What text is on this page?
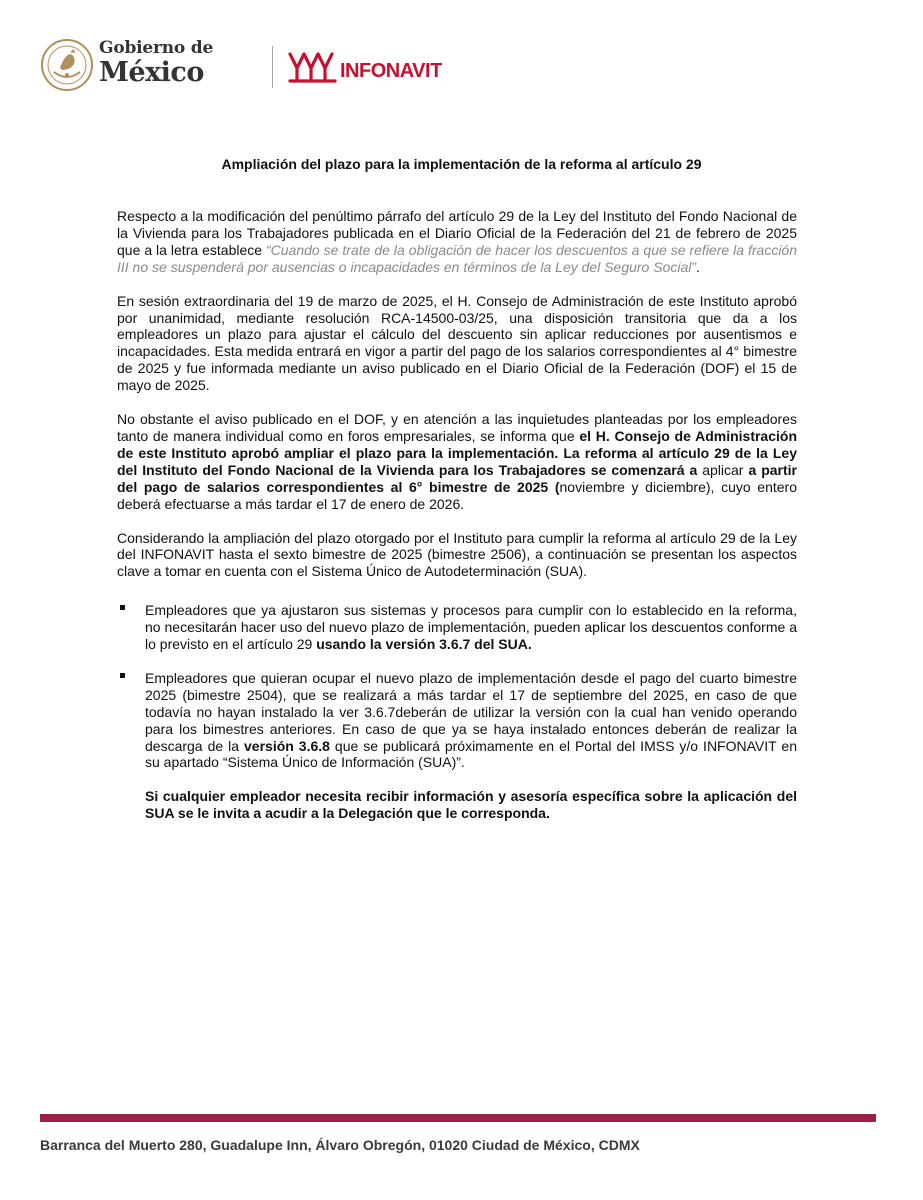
Gobierno de
México	INFONAVIT
Ampliación del plazo para la implementación de la reforma al artículo 29

Respecto a la modificación del penúltimo párrafo del artículo 29 de la Ley del Instituto del Fondo Nacional de la Vivienda para los Trabajadores publicada en el Diario Oficial de la Federación del 21 de febrero de 2025 que a la letra establece “Cuando se trate de la obligación de hacer los descuentos a que se refiere la fracción III no se suspenderá por ausencias o incapacidades en términos de la Ley del Seguro Social”.

En sesión extraordinaria del 19 de marzo de 2025, el H. Consejo de Administración de este Instituto aprobó por unanimidad, mediante resolución RCA-14500-03/25, una disposición transitoria que da a los empleadores un plazo para ajustar el cálculo del descuento sin aplicar reducciones por ausentismos e incapacidades. Esta medida entrará en vigor a partir del pago de los salarios correspondientes al 4° bimestre de 2025 y fue informada mediante un aviso publicado en el Diario Oficial de la Federación (DOF) el 15 de mayo de 2025.

No obstante el aviso publicado en el DOF, y en atención a las inquietudes planteadas por los empleadores tanto de manera individual como en foros empresariales, se informa que el H. Consejo de Administración de este Instituto aprobó ampliar el plazo para la implementación. La reforma al artículo 29 de la Ley del Instituto del Fondo Nacional de la Vivienda para los Trabajadores se comenzará a aplicar a partir del pago de salarios correspondientes al 6° bimestre de 2025 (noviembre y diciembre), cuyo entero deberá efectuarse a más tardar el 17 de enero de 2026.

Considerando la ampliación del plazo otorgado por el Instituto para cumplir la reforma al artículo 29 de la Ley del INFONAVIT hasta el sexto bimestre de 2025 (bimestre 2506), a continuación se presentan los aspectos clave a tomar en cuenta con el Sistema Único de Autodeterminación (SUA).

Empleadores que ya ajustaron sus sistemas y procesos para cumplir con lo establecido en la reforma, no necesitarán hacer uso del nuevo plazo de implementación, pueden aplicar los descuentos conforme a lo previsto en el artículo 29 usando la versión 3.6.7 del SUA.
Empleadores que quieran ocupar el nuevo plazo de implementación desde el pago del cuarto bimestre 2025 (bimestre 2504), que se realizará a más tardar el 17 de septiembre del 2025, en caso de que todavía no hayan instalado la ver 3.6.7deberán de utilizar la versión con la cual han venido operando para los bimestres anteriores. En caso de que ya se haya instalado entonces deberán de realizar la descarga de la versión 3.6.8 que se publicará próximamente en el Portal del IMSS y/o INFONAVIT en su apartado “Sistema Único de Información (SUA)”.

Si cualquier empleador necesita recibir información y asesoría específica sobre la aplicación del SUA se le invita a acudir a la Delegación que le corresponda.

Barranca del Muerto 280, Guadalupe Inn, Álvaro Obregón, 01020 Ciudad de México, CDMX
